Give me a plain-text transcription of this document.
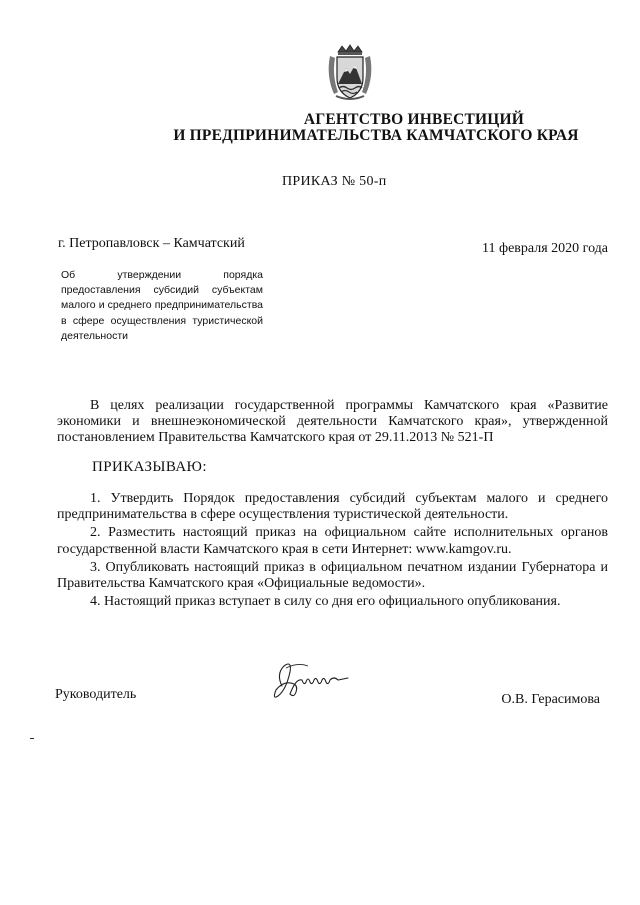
АГЕНТСТВО ИНВЕСТИЦИЙ
И ПРЕДПРИНИМАТЕЛЬСТВА КАМЧАТСКОГО КРАЯ
ПРИКАЗ № 50-п
г. Петропавловск – Камчатский	11 февраля 2020 года
Об утверждении порядка предоставления субсидий субъектам малого и среднего предпринимательства в сфере осуществления туристической деятельности
В целях реализации государственной программы Камчатского края «Развитие экономики и внешнеэкономической деятельности Камчатского края», утвержденной постановлением Правительства Камчатского края от 29.11.2013 № 521-П
ПРИКАЗЫВАЮ:
1. Утвердить Порядок предоставления субсидий субъектам малого и среднего предпринимательства в сфере осуществления туристической деятельности.
2. Разместить настоящий приказ на официальном сайте исполнительных органов государственной власти Камчатского края в сети Интернет: www.kamgov.ru.
3. Опубликовать настоящий приказ в официальном печатном издании Губернатора и Правительства Камчатского края «Официальные ведомости».
4. Настоящий приказ вступает в силу со дня его официального опубликования.
Руководитель	О.В. Герасимова
